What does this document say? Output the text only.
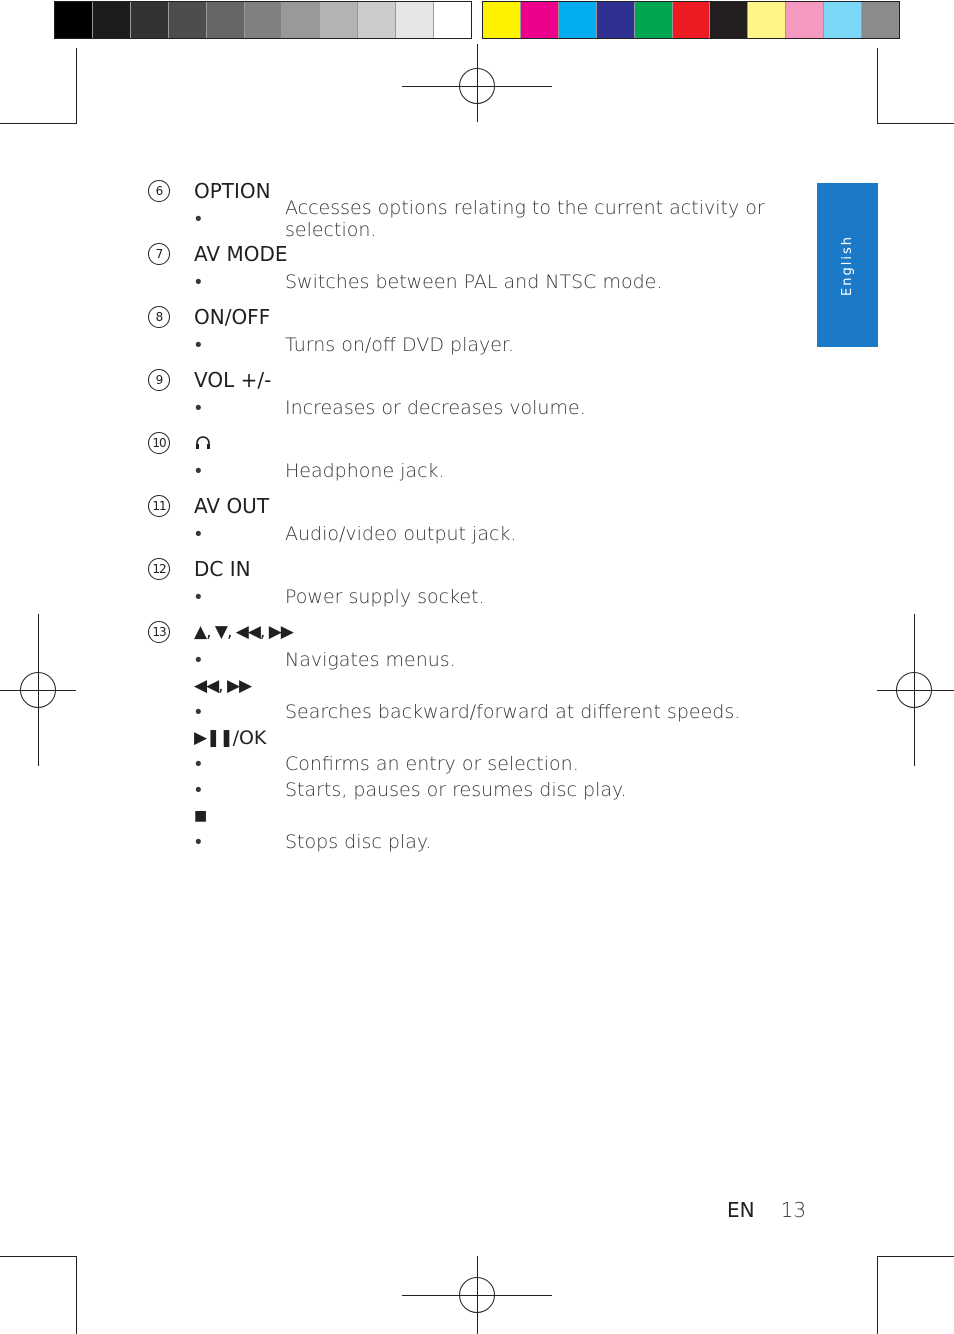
English
6	OPTION
•	Accesses options relating to the current activity or selection.
7	AV MODE
•	Switches between PAL and NTSC mode.
8	ON/OFF
•	Turns on/off DVD player.
9	VOL +/-
•	Increases or decreases volume.
10
•	Headphone jack.
11 AV OUT
•	Audio/video output jack.
12 DC IN
•	Power supply socket.
13 ▲, ▼, ◀◀, ▶▶
•	Navigates menus.
◀◀, ▶▶
•	Searches backward/forward at different speeds.
▶❚❚ /OK
•	Confirms an entry or selection.
•	Starts, pauses or resumes disc play.
■
•	Stops disc play.
EN 13
